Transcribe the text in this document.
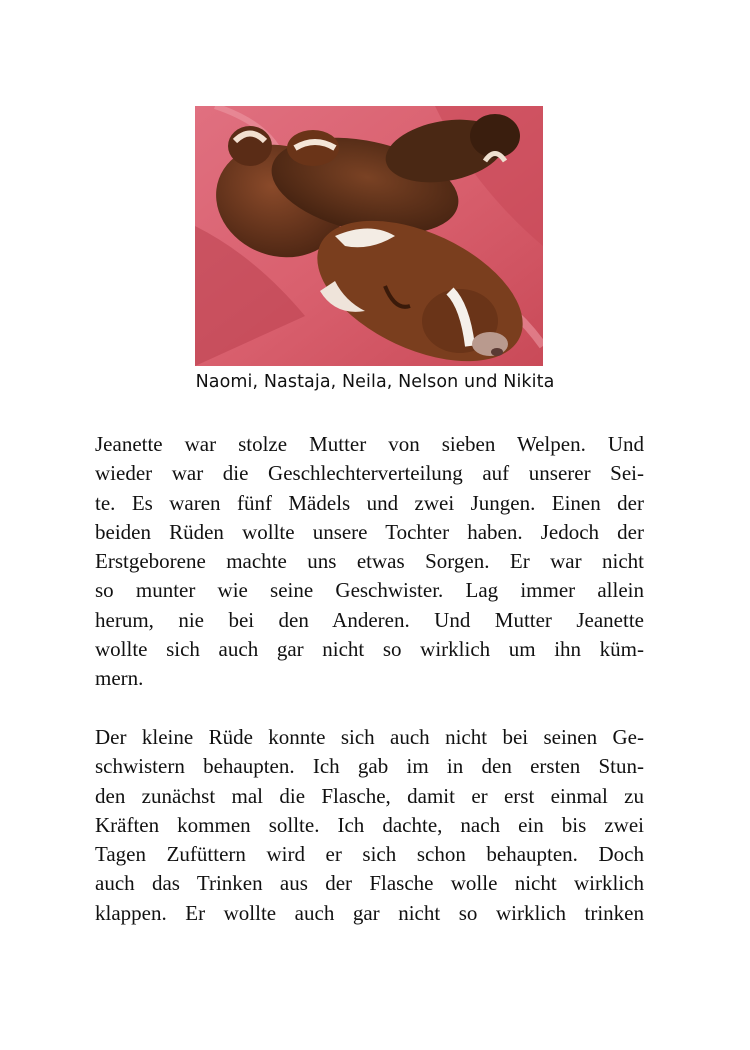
Naomi, Nastaja, Neila, Nelson und Nikita
Jeanette war stolze Mutter von sieben Welpen. Und
wieder war die Geschlechterverteilung auf unserer Sei-
te. Es waren fünf Mädels und zwei Jungen. Einen der
beiden Rüden wollte unsere Tochter haben. Jedoch der
Erstgeborene machte uns etwas Sorgen. Er war nicht
so munter wie seine Geschwister. Lag immer allein
herum, nie bei den Anderen. Und Mutter Jeanette
wollte sich auch gar nicht so wirklich um ihn küm-
mern.
Der kleine Rüde konnte sich auch nicht bei seinen Ge-
schwistern behaupten. Ich gab im in den ersten Stun-
den zunächst mal die Flasche, damit er erst einmal zu
Kräften kommen sollte. Ich dachte, nach ein bis zwei
Tagen Zufüttern wird er sich schon behaupten. Doch
auch das Trinken aus der Flasche wolle nicht wirklich
klappen. Er wollte auch gar nicht so wirklich trinken
